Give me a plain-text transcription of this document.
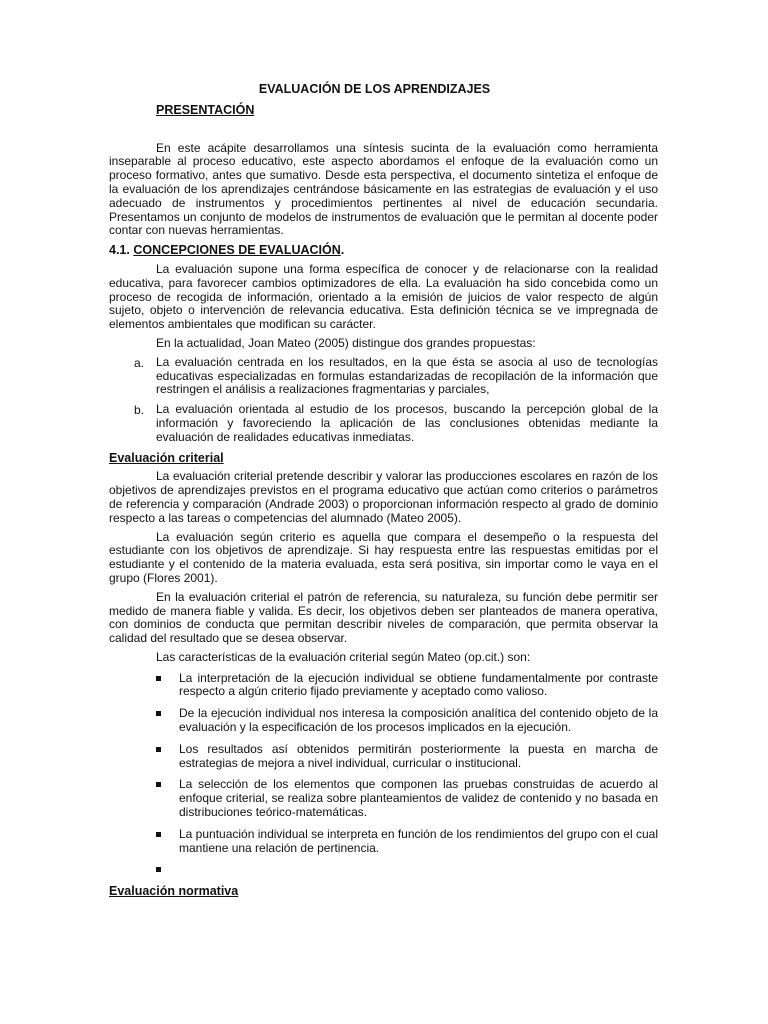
EVALUACIÓN DE LOS APRENDIZAJES

PRESENTACIÓN

En este acápite desarrollamos una síntesis sucinta de la evaluación como herramienta inseparable al proceso educativo, este aspecto abordamos el enfoque de la evaluación como un proceso formativo, antes que sumativo. Desde esta perspectiva, el documento sintetiza el enfoque de la evaluación de los aprendizajes centrándose básicamente en las estrategias de evaluación y el uso adecuado de instrumentos y procedimientos pertinentes al nivel de educación secundaria. Presentamos un conjunto de modelos de instrumentos de evaluación que le permitan al docente poder contar con nuevas herramientas.

4.1. CONCEPCIONES DE EVALUACIÓN.

La evaluación supone una forma específica de conocer y de relacionarse con la realidad educativa, para favorecer cambios optimizadores de ella. La evaluación ha sido concebida como un proceso de recogida de información, orientado a la emisión de juicios de valor respecto de algún sujeto, objeto o intervención de relevancia educativa. Esta definición técnica se ve impregnada de elementos ambientales que modifican su carácter.

En la actualidad, Joan Mateo (2005) distingue dos grandes propuestas:

a. La evaluación centrada en los resultados, en la que ésta se asocia al uso de tecnologías educativas especializadas en formulas estandarizadas de recopilación de la información que restringen el análisis a realizaciones fragmentarias y parciales,

b. La evaluación orientada al estudio de los procesos, buscando la percepción global de la información y favoreciendo la aplicación de las conclusiones obtenidas mediante la evaluación de realidades educativas inmediatas.

Evaluación criterial

La evaluación criterial pretende describir y valorar las producciones escolares en razón de los objetivos de aprendizajes previstos en el programa educativo que actúan como criterios o parámetros de referencia y comparación (Andrade 2003) o proporcionan información respecto al grado de dominio respecto a las tareas o competencias del alumnado (Mateo 2005).

La evaluación según criterio es aquella que compara el desempeño o la respuesta del estudiante con los objetivos de aprendizaje. Si hay respuesta entre las respuestas emitidas por el estudiante y el contenido de la materia evaluada, esta será positiva, sin importar como le vaya en el grupo (Flores 2001).

En la evaluación criterial el patrón de referencia, su naturaleza, su función debe permitir ser medido de manera fiable y valida. Es decir, los objetivos deben ser planteados de manera operativa, con dominios de conducta que permitan describir niveles de comparación, que permita observar la calidad del resultado que se desea observar.

Las características de la evaluación criterial según Mateo (op.cit.) son:

La interpretación de la ejecución individual se obtiene fundamentalmente por contraste respecto a algún criterio fijado previamente y aceptado como valioso.

De la ejecución individual nos interesa la composición analítica del contenido objeto de la evaluación y la especificación de los procesos implicados en la ejecución.

Los resultados así obtenidos permitirán posteriormente la puesta en marcha de estrategias de mejora a nivel individual, curricular o institucional.

La selección de los elementos que componen las pruebas construidas de acuerdo al enfoque criterial, se realiza sobre planteamientos de validez de contenido y no basada en distribuciones teórico-matemáticas.

La puntuación individual se interpreta en función de los rendimientos del grupo con el cual mantiene una relación de pertinencia.

Evaluación normativa
